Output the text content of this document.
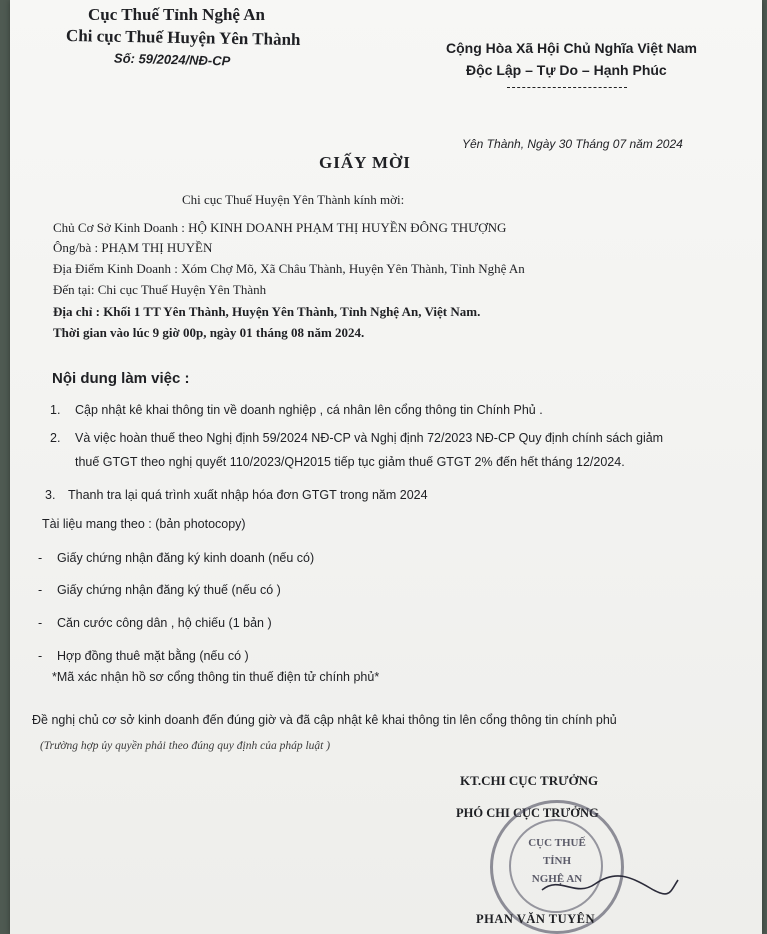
Cục Thuế Tỉnh Nghệ An
Chi cục Thuế Huyện Yên Thành
Số: 59/2024/NĐ-CP
Cộng Hòa Xã Hội Chủ Nghĩa Việt Nam
Độc Lập – Tự Do – Hạnh Phúc
Yên Thành, Ngày 30 Tháng 07 năm 2024
GIẤY MỜI
Chi cục Thuế Huyện Yên Thành kính mời:
Chủ Cơ Sở Kinh Doanh : HỘ KINH DOANH PHẠM THỊ HUYỀN ĐÔNG THƯỢNG
Ông/bà : PHẠM THỊ HUYỀN
Địa Điểm Kinh Doanh : Xóm Chợ Mõ, Xã Châu Thành, Huyện Yên Thành, Tỉnh Nghệ An
Đến tại: Chi cục Thuế Huyện Yên Thành
Địa chỉ : Khối 1 TT Yên Thành, Huyện Yên Thành, Tỉnh Nghệ An, Việt Nam.
Thời gian vào lúc 9 giờ 00p, ngày 01 tháng 08 năm 2024.
Nội dung làm việc :
1. Cập nhật kê khai thông tin về doanh nghiệp , cá nhân lên cổng thông tin Chính Phủ .
2. Và việc hoàn thuế theo Nghị định 59/2024 NĐ-CP và Nghị định 72/2023 NĐ-CP Quy định chính sách giảm
thuế GTGT theo nghị quyết 110/2023/QH2015 tiếp tục giảm thuế GTGT 2% đến hết tháng 12/2024.
3. Thanh tra lại quá trình xuất nhập hóa đơn GTGT trong năm 2024
Tài liệu mang theo : (bản photocopy)
- Giấy chứng nhận đăng ký kinh doanh (nếu có)
- Giấy chứng nhận đăng ký thuế (nếu có )
- Căn cước công dân , hộ chiếu (1 bản )
- Hợp đồng thuê mặt bằng (nếu có )
*Mã xác nhận hồ sơ cổng thông tin thuế điện tử chính phủ*
Đề nghị chủ cơ sở kinh doanh đến đúng giờ và đã cập nhật kê khai thông tin lên cổng thông tin chính phủ
(Trường hợp ủy quyền phải theo đúng quy định của pháp luật )
KT.CHI CỤC TRƯỞNG
PHÓ CHI CỤC TRƯỞNG
CỤC THUẾ
TỈNH
NGHỆ AN
PHAN VĂN TUYÊN
